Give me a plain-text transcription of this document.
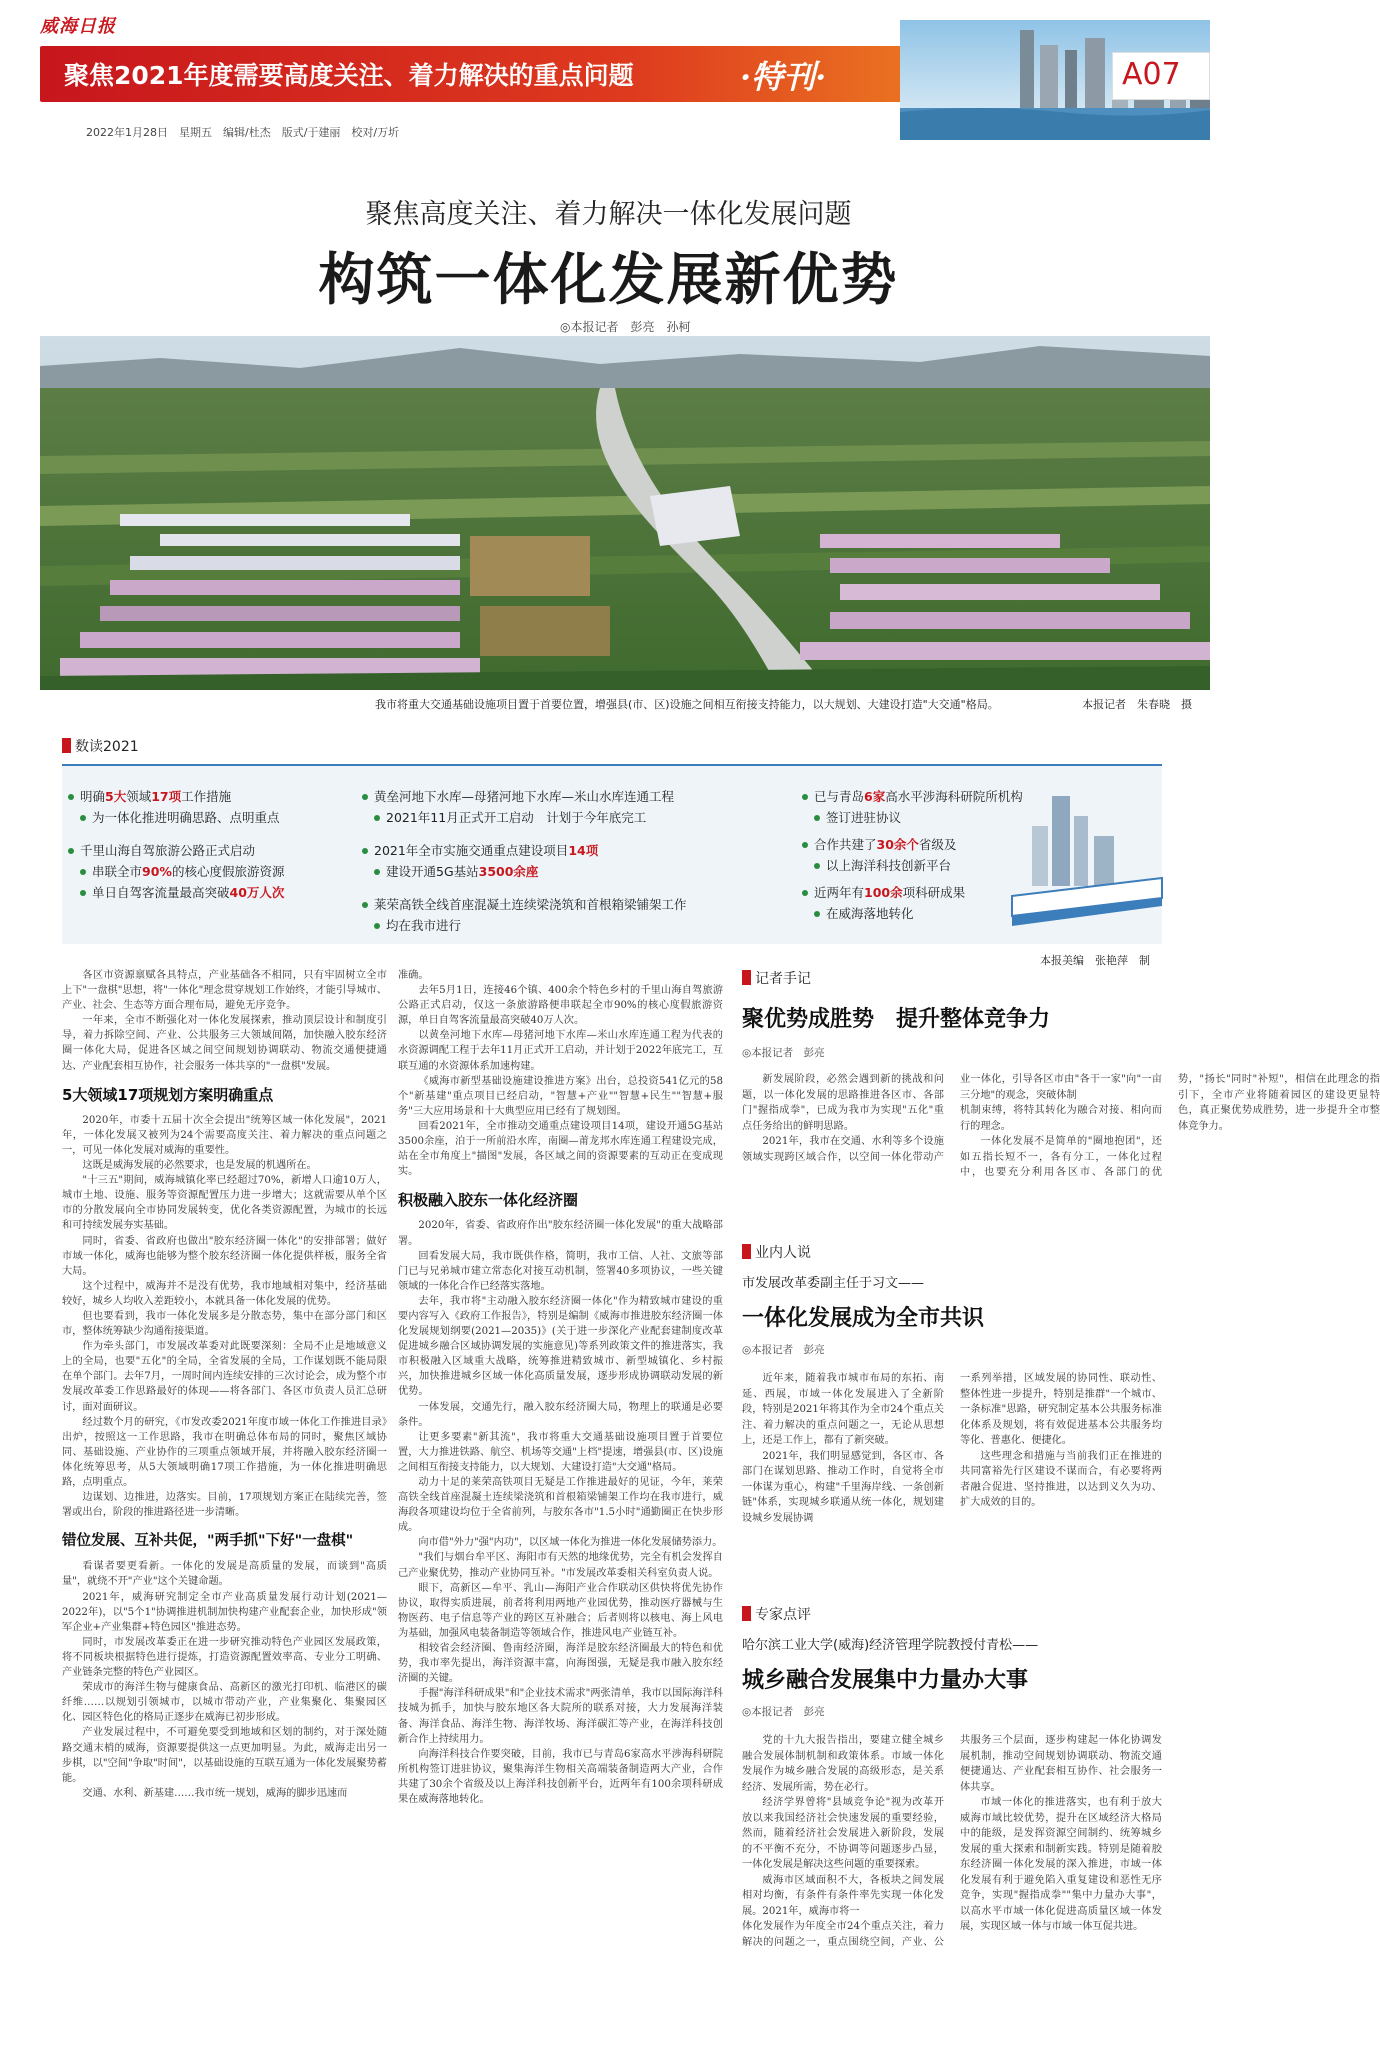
威海日报
聚焦2021年度需要高度关注、着力解决的重点问题	·特刊·	A07
2022年1月28日　星期五　编辑/杜杰　版式/于建丽　校对/万圻
聚焦高度关注、着力解决一体化发展问题
构筑一体化发展新优势
◎本报记者　彭亮　孙柯
我市将重大交通基础设施项目置于首要位置，增强县(市、区)设施之间相互衔接支持能力，以大规划、大建设打造"大交通"格局。	本报记者　朱春晓　摄
数读2021
明确5大领域17项工作措施
为一体化推进明确思路、点明重点
千里山海自驾旅游公路正式启动
串联全市90%的核心度假旅游资源
单日自驾客流量最高突破40万人次
黄垒河地下水库—母猪河地下水库—米山水库连通工程
2021年11月正式开工启动　计划于今年底完工
2021年全市实施交通重点建设项目14项
建设开通5G基站3500余座
莱荣高铁全线首座混凝土连续梁浇筑和首根箱梁铺架工作
均在我市进行
已与青岛6家高水平涉海科研院所机构
签订进驻协议
合作共建了30余个省级及
以上海洋科技创新平台
近两年有100余项科研成果
在威海落地转化
本报美编　张艳萍　制

各区市资源禀赋各具特点，产业基础各不相同，只有牢固树立全市上下"一盘棋"思想，将"一体化"理念贯穿规划工作始终，才能引导城市、产业、社会、生态等方面合理布局，避免无序竞争。

一年来，全市不断强化对一体化发展探索，推动顶层设计和制度引导，着力拆除空间、产业、公共服务三大领域间隔，加快融入胶东经济圈一体化大局，促进各区域之间空间规划协调联动、物流交通便捷通达、产业配套相互协作，社会服务一体共享的"一盘棋"发展。

5大领域17项规划方案明确重点

2020年，市委十五届十次全会提出"统筹区域一体化发展"，2021年，一体化发展又被列为24个需要高度关注、着力解决的重点问题之一，可见一体化发展对威海的重要性。

这既是威海发展的必然要求，也是发展的机遇所在。

"十三五"期间，威海城镇化率已经超过70%，新增人口逾10万人，城市土地、设施、服务等资源配置压力进一步增大；这就需要从单个区市的分散发展向全市协同发展转变，优化各类资源配置，为城市的长远和可持续发展夯实基础。

同时，省委、省政府也做出"胶东经济圈一体化"的安排部署；做好市域一体化，威海也能够为整个胶东经济圈一体化提供样板，服务全省大局。

这个过程中，威海并不是没有优势，我市地域相对集中，经济基础较好，城乡人均收入差距较小，本就具备一体化发展的优势。

但也要看到，我市一体化发展多是分散态势，集中在部分部门和区市，整体统筹缺少沟通衔接渠道。

作为牵头部门，市发展改革委对此既要深刻：全局不止是地域意义上的全局，也要"五化"的全局，全省发展的全局，工作谋划既不能局限在单个部门。去年7月，一周时间内连续安排的三次讨论会，成为整个市发展改革委工作思路最好的体现——将各部门、各区市负责人员汇总研讨，面对面研议。

经过数个月的研究，《市发改委2021年度市域一体化工作推进目录》出炉，按照这一工作思路，我市在明确总体布局的同时，聚焦区域协同、基础设施、产业协作的三项重点领域开展，并将融入胶东经济圈一体化统筹思考，从5大领域明确17项工作措施，为一体化推进明确思路，点明重点。

边谋划、边推进，边落实。目前，17项规划方案正在陆续完善，签署或出台，阶段的推进路径进一步清晰。

错位发展、互补共促，"两手抓"下好"一盘棋"

看谋者要更看新。一体化的发展是高质量的发展，而谈到"高质量"，就绕不开"产业"这个关键命题。

2021年，威海研究制定全市产业高质量发展行动计划(2021—2022年)，以"5个1"协调推进机制加快构建产业配套企业，加快形成"领军企业+产业集群+特色园区"推进态势。

同时，市发展改革委正在进一步研究推动特色产业园区发展政策，将不同板块根据特色进行提炼，打造资源配置效率高、专业分工明确、产业链条完整的特色产业园区。

荣成市的海洋生物与健康食品、高新区的激光打印机、临港区的碳纤维……以规划引领城市，以城市带动产业，产业集聚化、集聚园区化、园区特色化的格局正逐步在威海已初步形成。

产业发展过程中，不可避免要受到地域和区划的制约，对于深处随路交通末梢的威海，资源要提供这一点更加明显。为此，威海走出另一步棋，以"空间"争取"时间"，以基础设施的互联互通为一体化发展聚势蓄能。

交通、水利、新基建……我市统一规划，威海的脚步迅速而

准确。

去年5月1日，连接46个镇、400余个特色乡村的千里山海自驾旅游公路正式启动，仅这一条旅游路便串联起全市90%的核心度假旅游资源，单日自驾客流量最高突破40万人次。

以黄垒河地下水库—母猪河地下水库—米山水库连通工程为代表的水资源调配工程于去年11月正式开工启动，并计划于2022年底完工，互联互通的水资源体系加速构建。

《威海市新型基础设施建设推进方案》出台，总投资541亿元的58个"新基建"重点项目已经启动，"智慧+产业""智慧+民生""智慧+服务"三大应用场景和十大典型应用已经有了规划图。

回看2021年，全市推动交通重点建设项目14项，建设开通5G基站3500余座，泊于一所前沿水库，南圈—莆龙邦水库连通工程建设完成，站在全市角度上"描图"发展，各区域之间的资源要素的互动正在变成现实。

积极融入胶东一体化经济圈

2020年，省委、省政府作出"胶东经济圈一体化发展"的重大战略部署。

回看发展大局，我市既供作格，简明，我市工信、人社、文旅等部门已与兄弟城市建立常态化对接互动机制，签署40多项协议，一些关键领域的一体化合作已经落实落地。

去年，我市将"主动融入胶东经济圈一体化"作为精致城市建设的重要内容写入《政府工作报告》，特别是编制《威海市推进胶东经济圈一体化发展规划纲要(2021—2035)》(关于进一步深化产业配套建制度改革促进城乡融合区域协调发展的实施意见)等系列政策文件的推进落实，我市积极融入区域重大战略，统筹推进精致城市、新型城镇化、乡村振兴，加快推进城乡区域一体化高质量发展，逐步形成协调联动发展的新优势。

一体发展，交通先行，融入胶东经济圈大局，物理上的联通是必要条件。

让更多要素"新其流"，我市将重大交通基础设施项目置于首要位置，大力推进铁路、航空、机场等交通"上档"提速，增强县(市、区)设施之间相互衔接支持能力，以大规划、大建设打造"大交通"格局。

动力十足的莱荣高铁项目无疑是工作推进最好的见证，今年，莱荣高铁全线首座混凝土连续梁浇筑和首根箱梁铺架工作均在我市进行，威海段各项建设均位于全省前列，与胶东各市"1.5小时"通勤圈正在快步形成。

向市借"外力"强"内功"，以区域一体化为推进一体化发展储势添力。

"我们与烟台牟平区、海阳市有天然的地缘优势，完全有机会发挥自己产业聚优势，推动产业协同互补。"市发展改革委相关科室负责人说。

眼下，高新区—牟平、乳山—海阳产业合作联动区供快将优先协作协议，取得实质进展，前者将利用两地产业园优势，推动医疗器械与生物医药、电子信息等产业的跨区互补融合；后者则将以核电、海上风电为基础，加强风电装备制造等领域合作，推进风电产业链互补。

相较省会经济圈、鲁南经济圈，海洋是胶东经济圈最大的特色和优势，我市率先提出，海洋资源丰富，向海图强，无疑是我市融入胶东经济圈的关键。

手握"海洋科研成果"和"企业技术需求"两张清单，我市以国际海洋科技城为抓手，加快与胶东地区各大院所的联系对接，大力发展海洋装备、海洋食品、海洋生物、海洋牧场、海洋碳汇等产业，在海洋科技创新合作上持续用力。

向海洋科技合作要突破，目前，我市已与青岛6家高水平涉海科研院所机构签订进驻协议，聚集海洋生物相关高端装备制造两大产业，合作共建了30余个省级及以上海洋科技创新平台，近两年有100余项科研成果在威海落地转化。

记者手记
聚优势成胜势　提升整体竞争力
◎本报记者　彭亮

新发展阶段，必然会遇到新的挑战和问题，以一体化发展的思路推进各区市、各部门"握指成拳"，已成为我市为实现"五化"重点任务给出的鲜明思路。

2021年，我市在交通、水利等多个设施领域实现跨区域合作，以空间一体化带动产业一体化，引导各区市由"各干一家"向"一亩三分地"的观念，突破体制

机制束缚，将特其转化为融合对接、相向而行的理念。

一体化发展不是简单的"圈地抱团"，还如五指长短不一，各有分工，一体化过程中，也要充分利用各区市、各部门的优势，"扬长"同时"补短"，相信在此理念的指引下，全市产业将随着园区的建设更显特色，真正聚优势成胜势，进一步提升全市整体竞争力。

业内人说
市发展改革委副主任于习文——
一体化发展成为全市共识
◎本报记者　彭亮

近年来，随着我市城市布局的东拓、南延、西展，市域一体化发展进入了全新阶段，特别是2021年将其作为全市24个重点关注、着力解决的重点问题之一，无论从思想上，还是工作上，都有了新突破。

2021年，我们明显感觉到，各区市、各部门在谋划思路、推动工作时，自觉将全市一体谋为重心，构建"千里海岸线、一条创新链"体系，实现城乡联通从统一体化，规划建设城乡发展协调

一系列举措，区域发展的协同性、联动性、整体性进一步提升，特别是推群"一个城市、一条标准"思路，研究制定基本公共服务标准化体系及规划，将有效促进基本公共服务均等化、普惠化、便捷化。

这些理念和措施与当前我们正在推进的共同富裕先行区建设不谋而合，有必要将两者融合促进、坚持推进，以达到义久为功、扩大成效的目的。

专家点评
哈尔滨工业大学(威海)经济管理学院教授付青松——
城乡融合发展集中力量办大事
◎本报记者　彭亮

党的十九大报告指出，要建立健全城乡融合发展体制机制和政策体系。市域一体化发展作为城乡融合发展的高级形态，是关系经济、发展所需，势在必行。

经济学界曾将"县域竞争论"视为改革开放以来我国经济社会快速发展的重要经验，然而，随着经济社会发展进入新阶段，发展的不平衡不充分，不协调等问题逐步凸显，一体化发展是解决这些问题的重要探索。

威海市区域面积不大，各板块之间发展相对均衡，有条件有条件率先实现一体化发展。2021年，威海市将一

体化发展作为年度全市24个重点关注，着力解决的问题之一，重点围绕空间，产业、公共服务三个层面，逐步构建起一体化协调发展机制，推动空间规划协调联动、物流交通便捷通达、产业配套相互协作、社会服务一体共享。

市域一体化的推进落实，也有利于放大威海市域比较优势，提升在区域经济大格局中的能级，是发挥资源空间制约、统筹城乡发展的重大探索和制新实践。特别是随着胶东经济圈一体化发展的深入推进，市域一体化发展有利于避免陷入重复建设和恶性无序竞争，实现"握指成拳""集中力量办大事"，以高水平市域一体化促进高质量区域一体发展，实现区域一体与市域一体互促共进。
